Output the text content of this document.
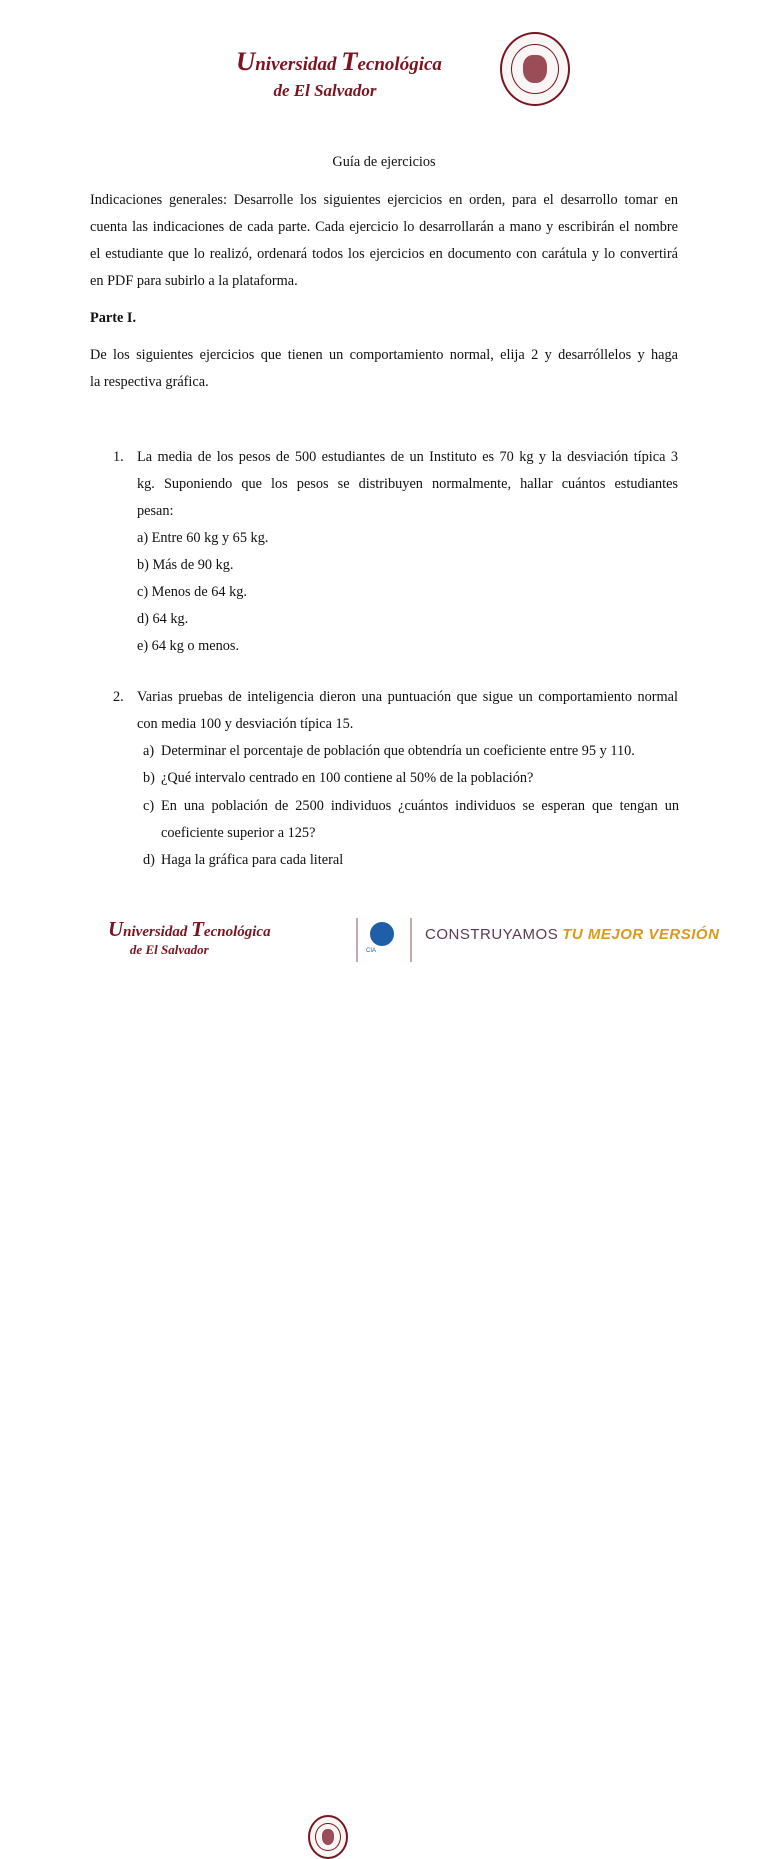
Universidad Tecnológica
de El Salvador
Guía de ejercicios
Indicaciones generales: Desarrolle los siguientes ejercicios en orden, para el desarrollo tomar en
cuenta las indicaciones de cada parte. Cada ejercicio lo desarrollarán a mano y escribirán el nombre
el estudiante que lo realizó, ordenará todos los ejercicios en documento con carátula y lo convertirá
en PDF para subirlo a la plataforma.
Parte I.
De los siguientes ejercicios que tienen un comportamiento normal, elija 2 y desarróllelos y haga
la respectiva gráfica.
1. La media de los pesos de 500 estudiantes de un Instituto es 70 kg y la desviación típica 3
kg. Suponiendo que los pesos se distribuyen normalmente, hallar cuántos estudiantes
pesan:
a) Entre 60 kg y 65 kg.
b) Más de 90 kg.
c) Menos de 64 kg.
d) 64 kg.
e) 64 kg o menos.
2. Varias pruebas de inteligencia dieron una puntuación que sigue un comportamiento normal
con media 100 y desviación típica 15.
a) Determinar el porcentaje de población que obtendría un coeficiente entre 95 y 110.
b) ¿Qué intervalo centrado en 100 contiene al 50% de la población?
c) En una población de 2500 individuos ¿cuántos individuos se esperan que tengan un
coeficiente superior a 125?
d) Haga la gráfica para cada literal
Universidad Tecnológica
de El Salvador	CIA
CONSTRUYAMOS TU MEJOR VERSIÓN
